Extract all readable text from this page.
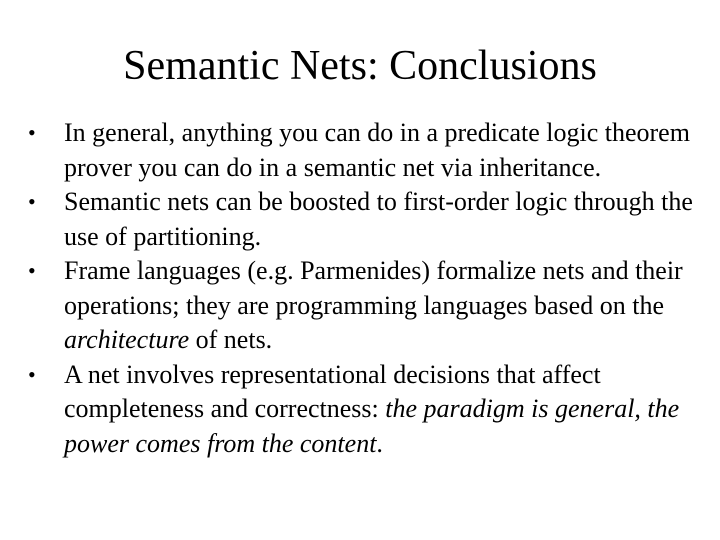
Semantic Nets: Conclusions
• In general, anything you can do in a predicate logic theorem prover you can do in a semantic net via inheritance.
• Semantic nets can be boosted to first-order logic through the use of partitioning.
• Frame languages (e.g. Parmenides) formalize nets and their operations; they are programming languages based on the architecture of nets.
• A net involves representational decisions that affect completeness and correctness: the paradigm is general, the power comes from the content.
